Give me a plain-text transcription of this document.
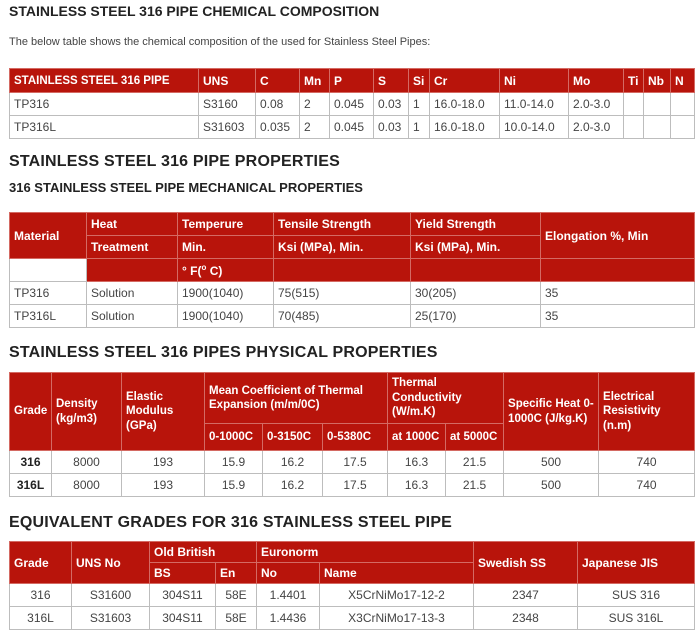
STAINLESS STEEL 316 PIPE CHEMICAL COMPOSITION

The below table shows the chemical composition of the used for Stainless Steel Pipes:

STAINLESS STEEL 316 PIPE	UNS	C	Mn	P	S	Si	Cr	Ni	Mo	Ti	Nb	N
TP316	S3160	0.08	2	0.045	0.03	1	16.0-18.0	11.0-14.0	2.0-3.0			
TP316L	S31603	0.035	2	0.045	0.03	1	16.0-18.0	10.0-14.0	2.0-3.0			
STAINLESS STEEL 316 PIPE PROPERTIES
316 STAINLESS STEEL PIPE MECHANICAL PROPERTIES
Material	Heat	Temperure	Tensile Strength	Yield Strength	Elongation %, Min
	Treatment	Min.	Ksi (MPa), Min.	Ksi (MPa), Min.	
		° F($^o$ C)			
TP316	Solution	1900(1040)	75(515)	30(205)	35
TP316L	Solution	1900(1040)	70(485)	25(170)	35
STAINLESS STEEL 316 PIPES PHYSICAL PROPERTIES
Grade	Density (kg/m3)	Elastic Modulus (GPa)	Mean Coefficient of Thermal Expansion (m/m/0C)			Thermal Conductivity (W/m.K)		Specific Heat 0-1000C (J/kg.K)	Electrical Resistivity (n.m)
			0-1000C	0-3150C	0-5380C	at 1000C	at 5000C		
316	8000	193	15.9	16.2	17.5	16.3	21.5	500	740
316L	8000	193	15.9	16.2	17.5	16.3	21.5	500	740
EQUIVALENT GRADES FOR 316 STAINLESS STEEL PIPE
Grade	UNS No	Old British		Euronorm		Swedish SS	Japanese JIS
		BS	En	No	Name		
316	S31600	304S11	58E	1.4401	X5CrNiMo17-12-2	2347	SUS 316
316L	S31603	304S11	58E	1.4436	X3CrNiMo17-13-3	2348	SUS 316L
